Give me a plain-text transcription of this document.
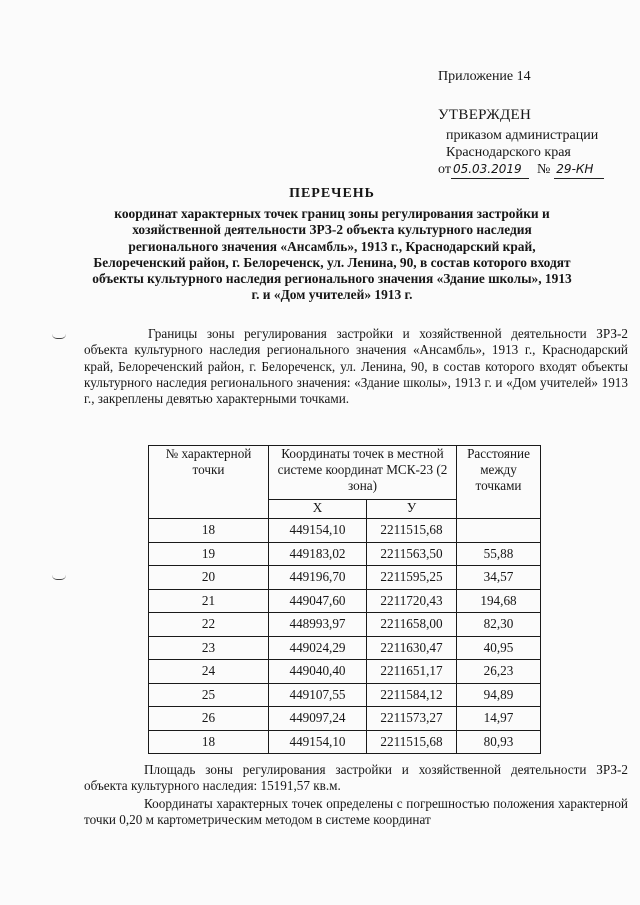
Приложение 14
УТВЕРЖДЕН
приказом администрации
Краснодарского края
от 05.03.2019	№ 29-КН
ПЕРЕЧЕНЬ
координат характерных точек границ зоны регулирования застройки и хозяйственной деятельности ЗРЗ-2 объекта культурного наследия регионального значения «Ансамбль», 1913 г., Краснодарский край, Белореченский район, г. Белореченск, ул. Ленина, 90, в состав которого входят объекты культурного наследия регионального значения «Здание школы», 1913 г. и «Дом учителей» 1913 г.
Границы зоны регулирования застройки и хозяйственной деятельности ЗРЗ-2 объекта культурного наследия регионального значения «Ансамбль», 1913 г., Краснодарский край, Белореченский район, г. Белореченск, ул. Ленина, 90, в состав которого входят объекты культурного наследия регионального значения: «Здание школы», 1913 г. и «Дом учителей» 1913 г., закреплены девятью характерными точками.
№ характерной точки	Координаты точек в местной системе координат МСК-23 (2 зона)		Расстояние между точками
	X	У	
18	449154,10	2211515,68	
19	449183,02	2211563,50	55,88
20	449196,70	2211595,25	34,57
21	449047,60	2211720,43	194,68
22	448993,97	2211658,00	82,30
23	449024,29	2211630,47	40,95
24	449040,40	2211651,17	26,23
25	449107,55	2211584,12	94,89
26	449097,24	2211573,27	14,97
18	449154,10	2211515,68	80,93
Площадь зоны регулирования застройки и хозяйственной деятельности ЗРЗ-2 объекта культурного наследия: 15191,57 кв.м.
Координаты характерных точек определены с погрешностью положения характерной точки 0,20 м картометрическим методом в системе координат
